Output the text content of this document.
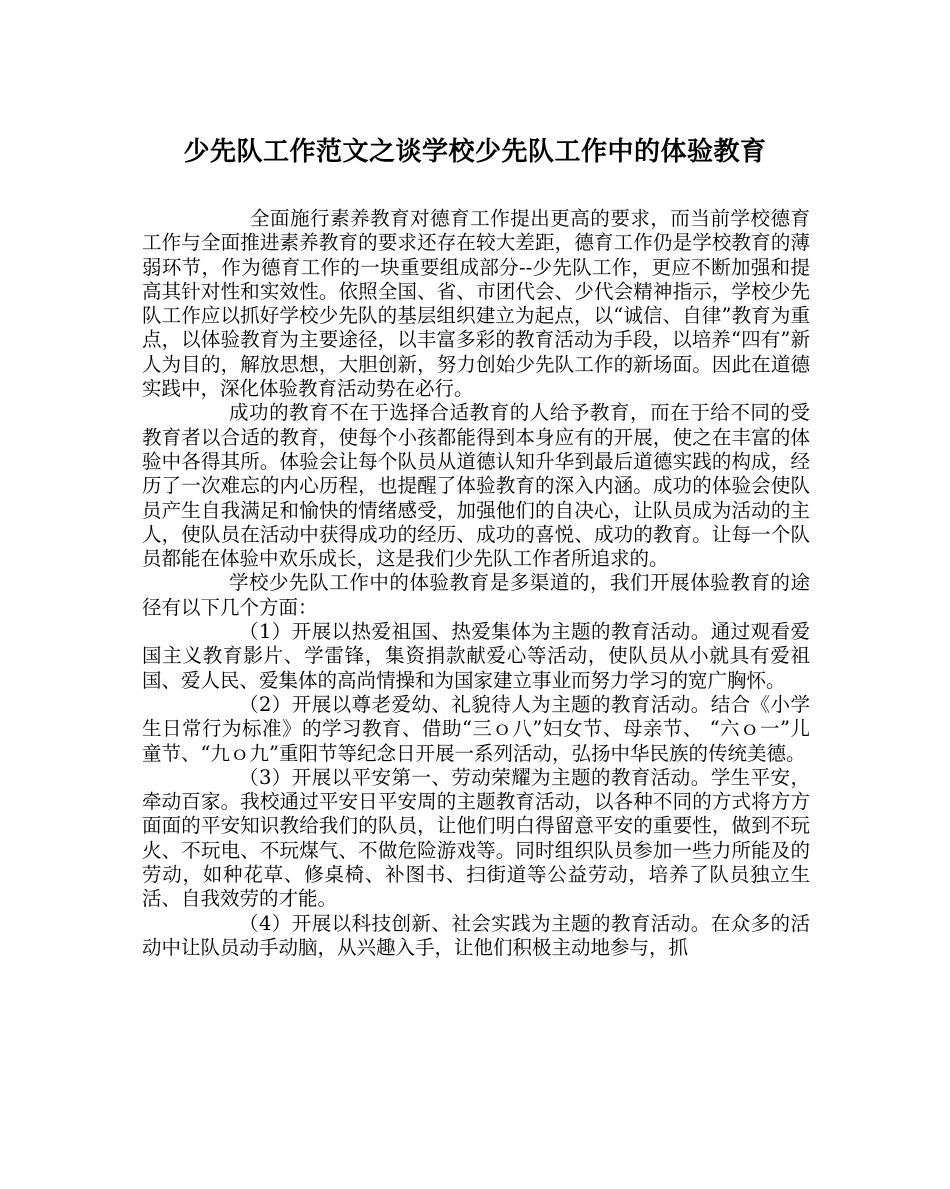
少先队工作范文之谈学校少先队工作中的体验教育

全面施行素养教育对德育工作提出更高的要求，而当前学校德育工作与全面推进素养教育的要求还存在较大差距，德育工作仍是学校教育的薄弱环节，作为德育工作的一块重要组成部分--少先队工作，更应不断加强和提高其针对性和实效性。依照全国、省、市团代会、少代会精神指示，学校少先队工作应以抓好学校少先队的基层组织建立为起点，以“诚信、自律”教育为重点，以体验教育为主要途径，以丰富多彩的教育活动为手段，以培养“四有”新人为目的，解放思想，大胆创新，努力创始少先队工作的新场面。因此在道德实践中，深化体验教育活动势在必行。

成功的教育不在于选择合适教育的人给予教育，而在于给不同的受教育者以合适的教育，使每个小孩都能得到本身应有的开展，使之在丰富的体验中各得其所。体验会让每个队员从道德认知升华到最后道德实践的构成，经历了一次难忘的内心历程，也提醒了体验教育的深入内涵。成功的体验会使队员产生自我满足和愉快的情绪感受，加强他们的自决心，让队员成为活动的主人，使队员在活动中获得成功的经历、成功的喜悦、成功的教育。让每一个队员都能在体验中欢乐成长，这是我们少先队工作者所追求的。

学校少先队工作中的体验教育是多渠道的，我们开展体验教育的途径有以下几个方面：

（1）开展以热爱祖国、热爱集体为主题的教育活动。通过观看爱国主义教育影片、学雷锋，集资捐款献爱心等活动，使队员从小就具有爱祖国、爱人民、爱集体的高尚情操和为国家建立事业而努力学习的宽广胸怀。

（2）开展以尊老爱幼、礼貌待人为主题的教育活动。结合《小学生日常行为标准》的学习教育、借助“三ｏ八”妇女节、母亲节、 “六ｏ一”儿童节、“九ｏ九”重阳节等纪念日开展一系列活动，弘扬中华民族的传统美德。

（3）开展以平安第一、劳动荣耀为主题的教育活动。学生平安，牵动百家。我校通过平安日平安周的主题教育活动，以各种不同的方式将方方面面的平安知识教给我们的队员，让他们明白得留意平安的重要性，做到不玩火、不玩电、不玩煤气、不做危险游戏等。同时组织队员参加一些力所能及的劳动，如种花草、修桌椅、补图书、扫街道等公益劳动，培养了队员独立生活、自我效劳的才能。

（4）开展以科技创新、社会实践为主题的教育活动。在众多的活动中让队员动手动脑，从兴趣入手，让他们积极主动地参与，抓
